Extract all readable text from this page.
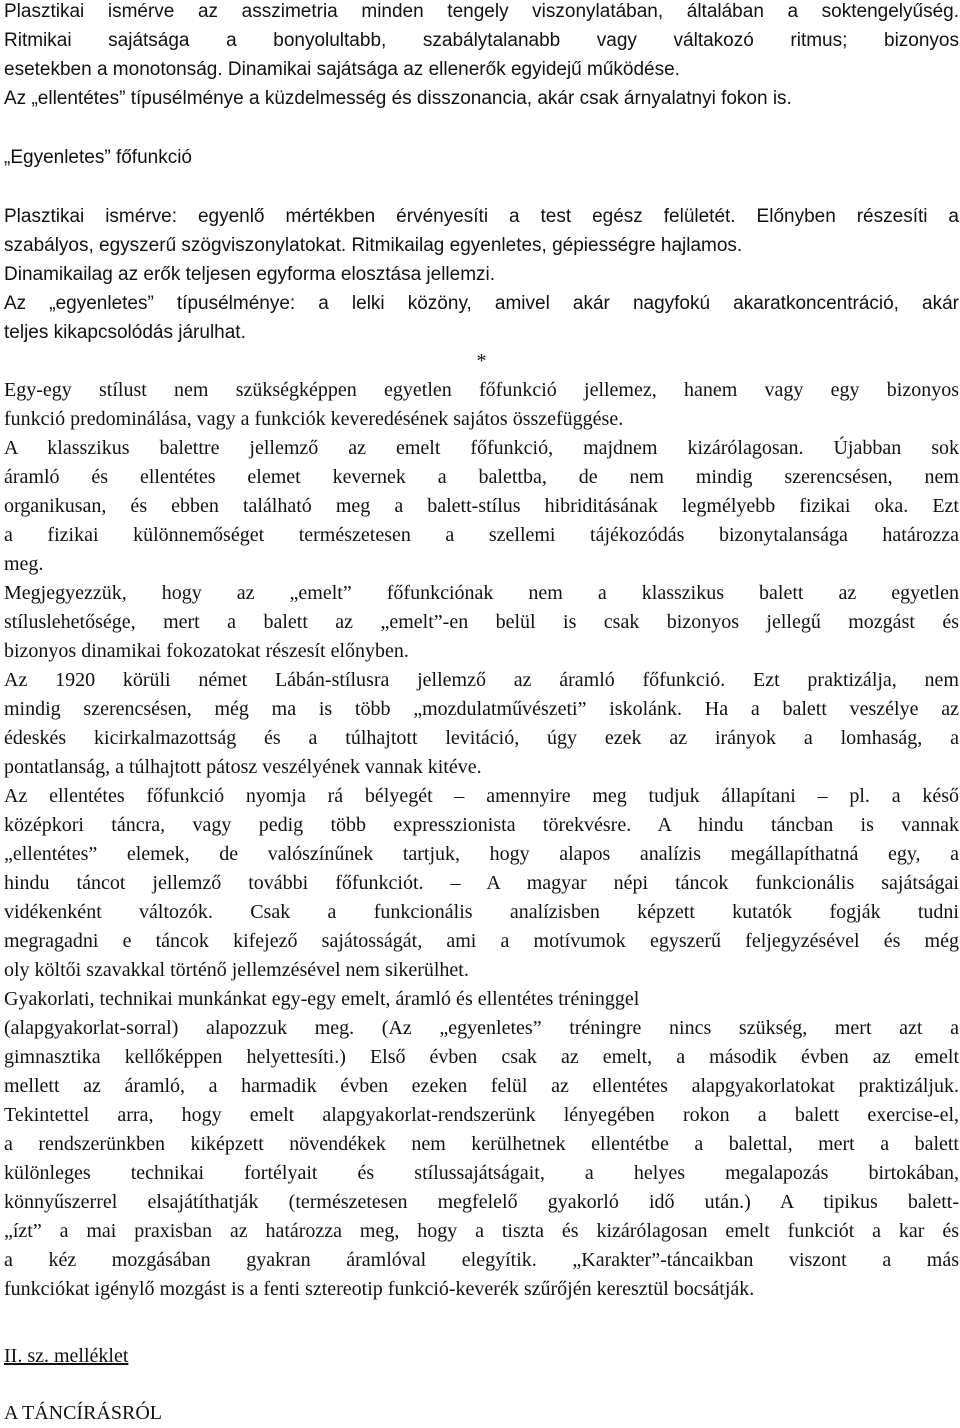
Plasztikai ismérve az asszimetria minden tengely viszonylatában, általában a soktengelyűség.

Ritmikai sajátsága a bonyolultabb, szabálytalanabb vagy váltakozó ritmus; bizonyos

esetekben a monotonság. Dinamikai sajátsága az ellenerők egyidejű működése.

Az „ellentétes” típusélménye a küzdelmesség és disszonancia, akár csak árnyalatnyi fokon is.

„Egyenletes” főfunkció

Plasztikai ismérve: egyenlő mértékben érvényesíti a test egész felületét. Előnyben részesíti a

szabályos, egyszerű szögviszonylatokat. Ritmikailag egyenletes, gépiességre hajlamos.

Dinamikailag az erők teljesen egyforma elosztása jellemzi.

Az „egyenletes” típusélménye: a lelki közöny, amivel akár nagyfokú akaratkoncentráció, akár

teljes kikapcsolódás járulhat.

*

Egy-egy stílust nem szükségképpen egyetlen főfunkció jellemez, hanem vagy egy bizonyos

funkció predominálása, vagy a funkciók keveredésének sajátos összefüggése.

A klasszikus balettre jellemző az emelt főfunkció, majdnem kizárólagosan. Újabban sok

áramló és ellentétes elemet kevernek a balettba, de nem mindig szerencsésen, nem

organikusan, és ebben található meg a balett-stílus hibriditásának legmélyebb fizikai oka. Ezt

a fizikai különnemőséget természetesen a szellemi tájékozódás bizonytalansága határozza

meg.

Megjegyezzük, hogy az „emelt” főfunkciónak nem a klasszikus balett az egyetlen

stíluslehetősége, mert a balett az „emelt”-en belül is csak bizonyos jellegű mozgást és

bizonyos dinamikai fokozatokat részesít előnyben.

Az 1920 körüli német Lábán-stílusra jellemző az áramló főfunkció. Ezt praktizálja, nem

mindig szerencsésen, még ma is több „mozdulatművészeti” iskolánk. Ha a balett veszélye az

édeskés kicirkalmazottság és a túlhajtott levitáció, úgy ezek az irányok a lomhaság, a

pontatlanság, a túlhajtott pátosz veszélyének vannak kitéve.

Az ellentétes főfunkció nyomja rá bélyegét – amennyire meg tudjuk állapítani – pl. a késő

középkori táncra, vagy pedig több expresszionista törekvésre. A hindu táncban is vannak

„ellentétes” elemek, de valószínűnek tartjuk, hogy alapos analízis megállapíthatná egy, a

hindu táncot jellemző további főfunkciót. – A magyar népi táncok funkcionális sajátságai

vidékenként változók. Csak a funkcionális analízisben képzett kutatók fogják tudni

megragadni e táncok kifejező sajátosságát, ami a motívumok egyszerű feljegyzésével és még

oly költői szavakkal történő jellemzésével nem sikerülhet.

Gyakorlati, technikai munkánkat egy-egy emelt, áramló és ellentétes tréninggel

(alapgyakorlat-sorral) alapozzuk meg. (Az „egyenletes” tréningre nincs szükség, mert azt a

gimnasztika kellőképpen helyettesíti.) Első évben csak az emelt, a második évben az emelt

mellett az áramló, a harmadik évben ezeken felül az ellentétes alapgyakorlatokat praktizáljuk.

Tekintettel arra, hogy emelt alapgyakorlat-rendszerünk lényegében rokon a balett exercise-el,

a rendszerünkben kiképzett növendékek nem kerülhetnek ellentétbe a balettal, mert a balett

különleges technikai fortélyait és stílussajátságait, a helyes megalapozás birtokában,

könnyűszerrel elsajátíthatják (természetesen megfelelő gyakorló idő után.) A tipikus balett-

„ízt” a mai praxisban az határozza meg, hogy a tiszta és kizárólagosan emelt funkciót a kar és

a kéz mozgásában gyakran áramlóval elegyítik. „Karakter”-táncaikban viszont a más

funkciókat igénylő mozgást is a fenti sztereotip funkció-keverék szűrőjén keresztül bocsátják.

II. sz. melléklet

A TÁNCÍRÁSRÓL
